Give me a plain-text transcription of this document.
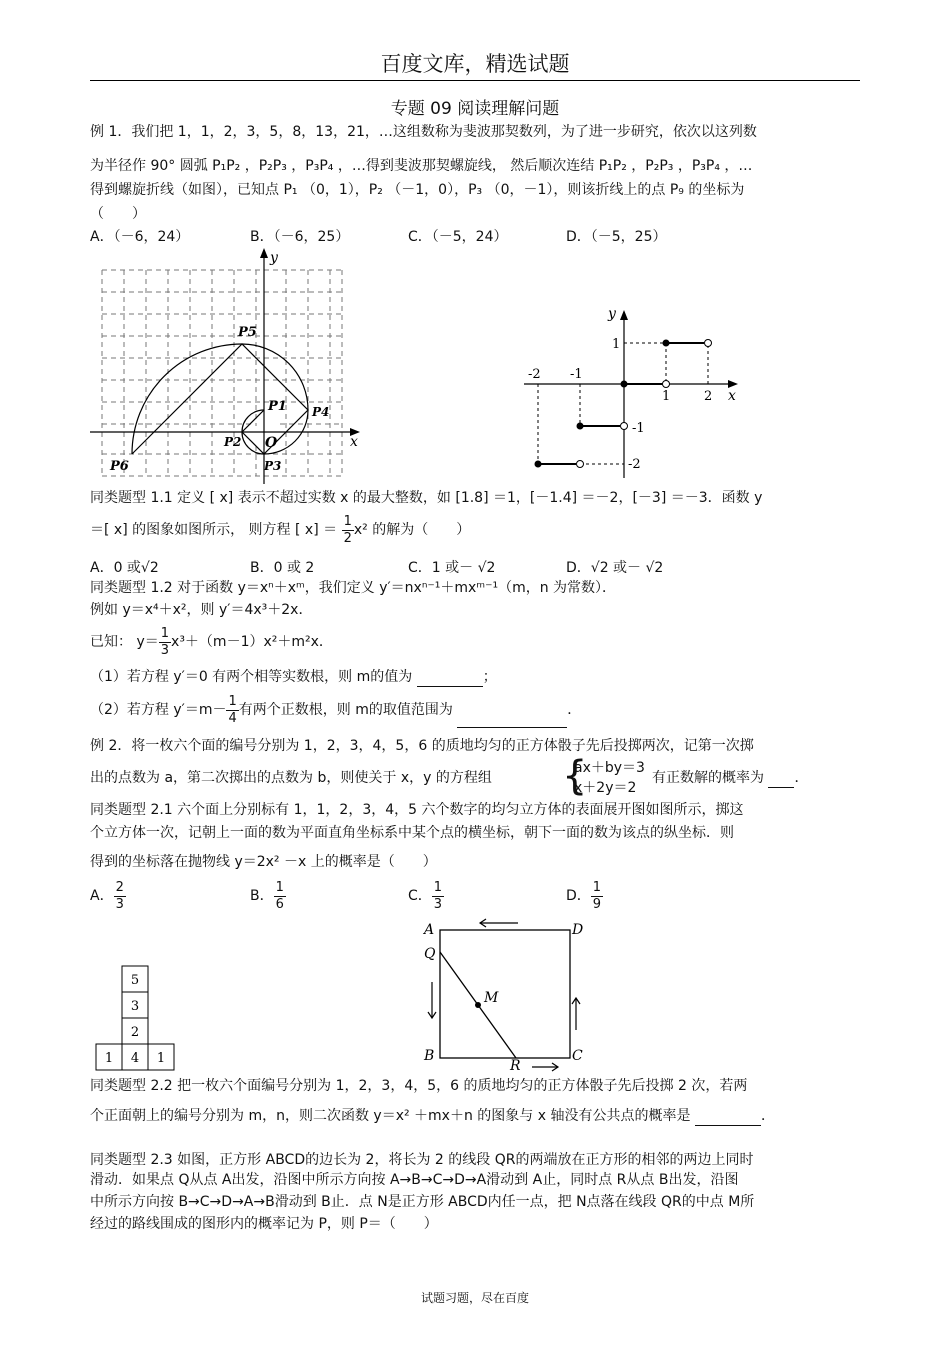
百度文库，精选试题
专题 09 阅读理解问题
例 1．我们把 1，1，2，3，5，8，13，21，…这组数称为斐波那契数列，为了进一步研究，依次以这列数
为半径作 90° 圆弧 P₁P₂ ，P₂P₃ ，P₃P₄ ，…得到斐波那契螺旋线， 然后顺次连结 P₁P₂ ，P₂P₃ ，P₃P₄ ，…
得到螺旋折线（如图），已知点 P₁ （0，1），P₂ （－1，0），P₃ （0，－1），则该折线上的点 P₉ 的坐标为
（　　）
A．（－6，24）	B．（－6，25）	C．（－5，24）	D．（－5，25）
y
x
O
P1
P2
P3
P4
P5
P6
y
x
-2 -1
1	2
1
-1
-2
同类题型 1.1 定义 [ x] 表示不超过实数 x 的最大整数，如 [1.8] ＝1，[－1.4] ＝－2，[－3] ＝－3．函数 y
＝[ x] 的图象如图所示， 则方程 [ $x] = \frac{1}{2} x^2$ 的解为（　　）
A．0 或√2	B．0 或 2	C．1 或－ √2	D．√2 或－ √2
同类题型 1.2 对于函数 y＝xⁿ＋xᵐ，我们定义 y′＝nxⁿ⁻¹＋mxᵐ⁻¹（m，n 为常数）．
例如 y＝x⁴＋x²，则 y′＝4x³＋2x．
已知： $y= \frac{1}{3} x^3+(m-1)x^2+m^2x$．
（1）若方程 y′＝0 有两个相等实数根，则 m的值为	；
（2）若方程 $y'=m- \frac{1}{4}$ 有两个正数根，则 m的取值范围为	．
例 2．将一枚六个面的编号分别为 1，2，3，4，5，6 的质地均匀的正方体骰子先后投掷两次，记第一次掷
出的点数为 a，第二次掷出的点数为 b，则使关于 x，y 的方程组 {
ax＋by＝3
x＋2y＝2
有正数解的概率为 ．
同类题型 2.1 六个面上分别标有 1，1，2，3，4，5 六个数字的均匀立方体的表面展开图如图所示，掷这
个立方体一次，记朝上一面的数为平面直角坐标系中某个点的横坐标，朝下一面的数为该点的纵坐标．则
得到的坐标落在抛物线 y＝2x² －x 上的概率是（　　）
A． $\frac{2}{3}$	B． $\frac{1}{6}$	C． $\frac{1}{3}$	D． $\frac{1}{9}$
5
3
2
1 4 1
A
Q
B
R
C
D
M
同类题型 2.2 把一枚六个面编号分别为 1，2，3，4，5，6 的质地均匀的正方体骰子先后投掷 2 次，若两
个正面朝上的编号分别为 m，n，则二次函数 y＝x² ＋mx＋n 的图象与 x 轴没有公共点的概率是	．
同类题型 2.3 如图，正方形 ABCD的边长为 2，将长为 2 的线段 QR的两端放在正方形的相邻的两边上同时
滑动．如果点 Q从点 A出发，沿图中所示方向按 A→B→C→D→A滑动到 A止，同时点 R从点 B出发，沿图
中所示方向按 B→C→D→A→B滑动到 B止．点 N是正方形 ABCD内任一点，把 N点落在线段 QR的中点 M所
经过的路线围成的图形内的概率记为 P，则 P＝（　　）
试题习题，尽在百度
